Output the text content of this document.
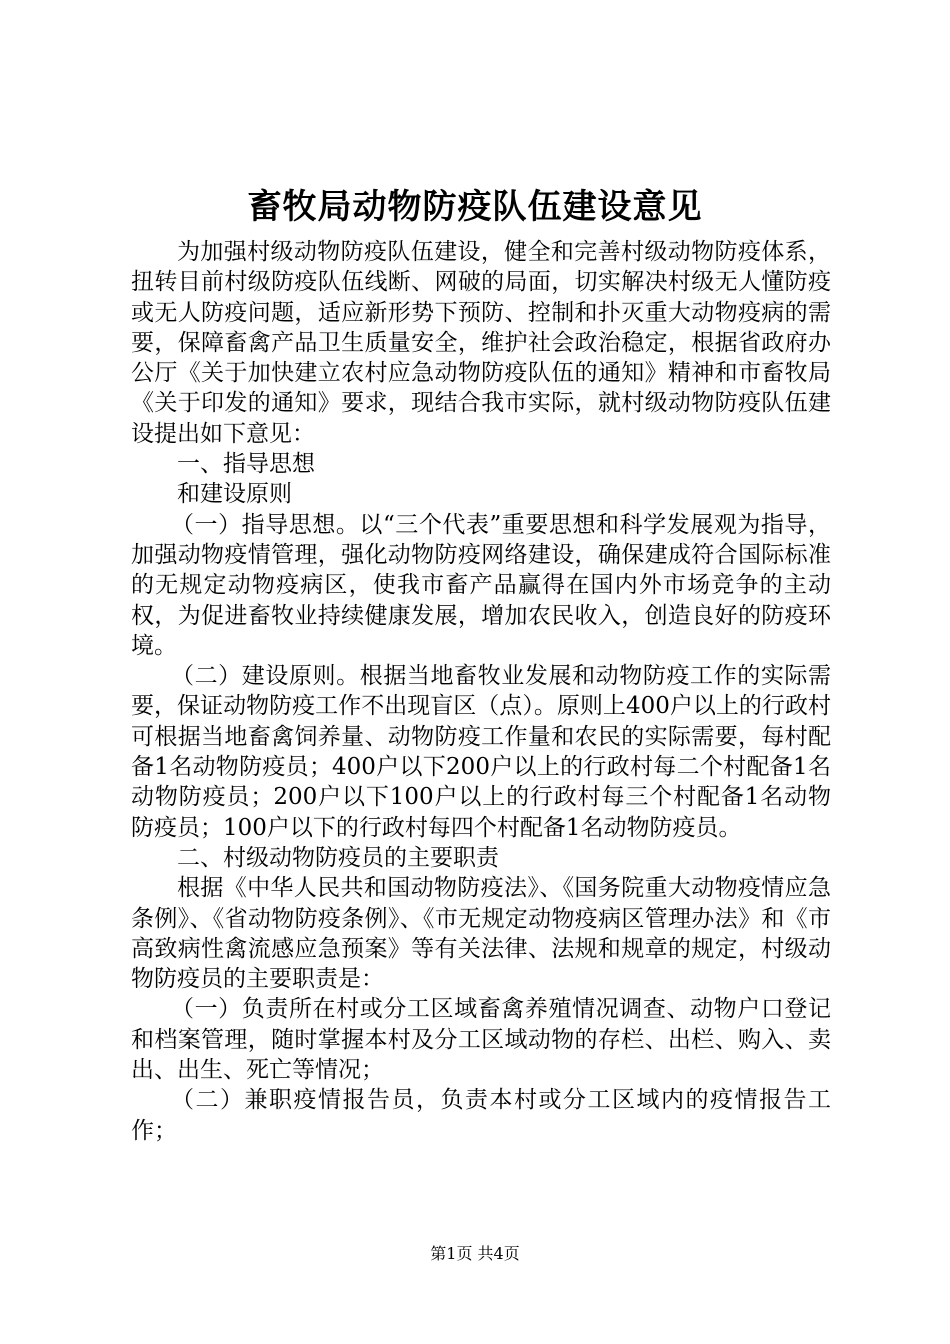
畜牧局动物防疫队伍建设意见

为加强村级动物防疫队伍建设，健全和完善村级动物防疫体系，扭转目前村级防疫队伍线断、网破的局面，切实解决村级无人懂防疫或无人防疫问题，适应新形势下预防、控制和扑灭重大动物疫病的需要，保障畜禽产品卫生质量安全，维护社会政治稳定，根据省政府办公厅《关于加快建立农村应急动物防疫队伍的通知》精神和市畜牧局《关于印发的通知》要求，现结合我市实际，就村级动物防疫队伍建设提出如下意见：

一、指导思想

和建设原则

（一）指导思想。以“三个代表”重要思想和科学发展观为指导，加强动物疫情管理，强化动物防疫网络建设，确保建成符合国际标准的无规定动物疫病区，使我市畜产品赢得在国内外市场竞争的主动权，为促进畜牧业持续健康发展，增加农民收入，创造良好的防疫环境。

（二）建设原则。根据当地畜牧业发展和动物防疫工作的实际需要，保证动物防疫工作不出现盲区（点）。原则上400户以上的行政村可根据当地畜禽饲养量、动物防疫工作量和农民的实际需要，每村配备1名动物防疫员；400户以下200户以上的行政村每二个村配备1名动物防疫员；200户以下100户以上的行政村每三个村配备1名动物防疫员；100户以下的行政村每四个村配备1名动物防疫员。

二、村级动物防疫员的主要职责

根据《中华人民共和国动物防疫法》、《国务院重大动物疫情应急条例》、《省动物防疫条例》、《市无规定动物疫病区管理办法》和《市高致病性禽流感应急预案》等有关法律、法规和规章的规定，村级动物防疫员的主要职责是：

（一）负责所在村或分工区域畜禽养殖情况调查、动物户口登记和档案管理，随时掌握本村及分工区域动物的存栏、出栏、购入、卖出、出生、死亡等情况；

（二）兼职疫情报告员，负责本村或分工区域内的疫情报告工作；

第1页 共4页
